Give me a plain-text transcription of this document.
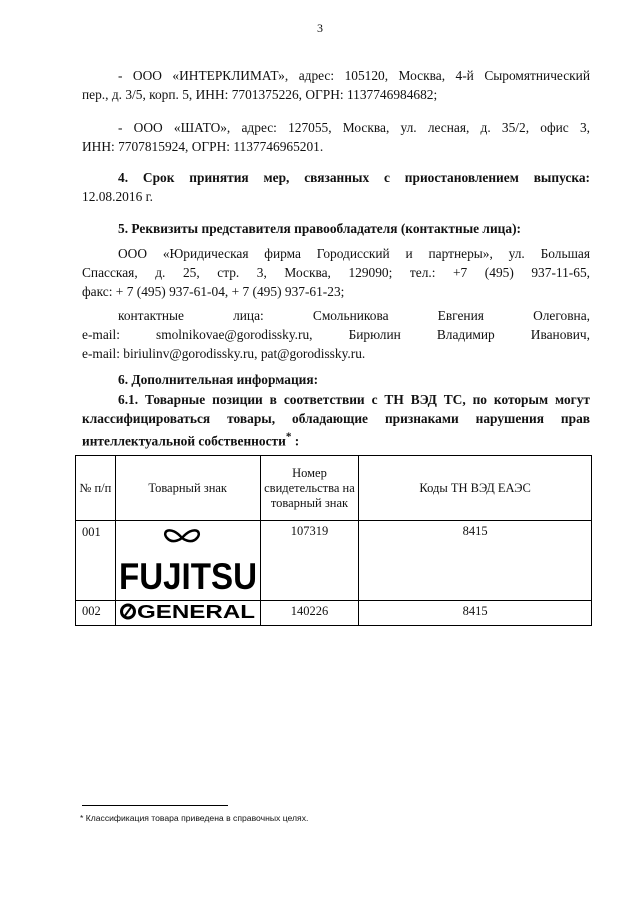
3

- ООО «ИНТЕРКЛИМАТ», адрес: 105120, Москва, 4-й Сыромятнический
пер., д. 3/5, корп. 5, ИНН: 7701375226, ОГРН: 1137746984682;

- ООО «ШАТО», адрес: 127055, Москва, ул. лесная, д. 35/2, офис 3,
ИНН: 7707815924, ОГРН: 1137746965201.

4. Срок принятия мер, связанных с приостановлением выпуска:
12.08.2016 г.

5. Реквизиты представителя правообладателя (контактные лица):

ООО «Юридическая фирма Городисский и партнеры», ул. Большая
Спасская, д. 25, стр. 3, Москва, 129090; тел.: +7 (495) 937-11-65,
факс: + 7 (495) 937-61-04, + 7 (495) 937-61-23;

контактные лица: Смольникова Евгения Олеговна,
e-mail: smolnikovae@gorodissky.ru, Бирюлин Владимир Иванович,
e-mail: biriulinv@gorodissky.ru, pat@gorodissky.ru.

6. Дополнительная информация:

6.1. Товарные позиции в соответствии с ТН ВЭД ТС, по которым могут
классифицироваться товары, обладающие признаками нарушения прав
интеллектуальной собственности* :

№ п/п	Товарный знак	Номер свидетельства на товарный знак	Коды ТН ВЭД ЕАЭС
001	FUJITSU	107319	8415
002	GENERAL	140226	8415
* Классификация товара приведена в справочных целях.
